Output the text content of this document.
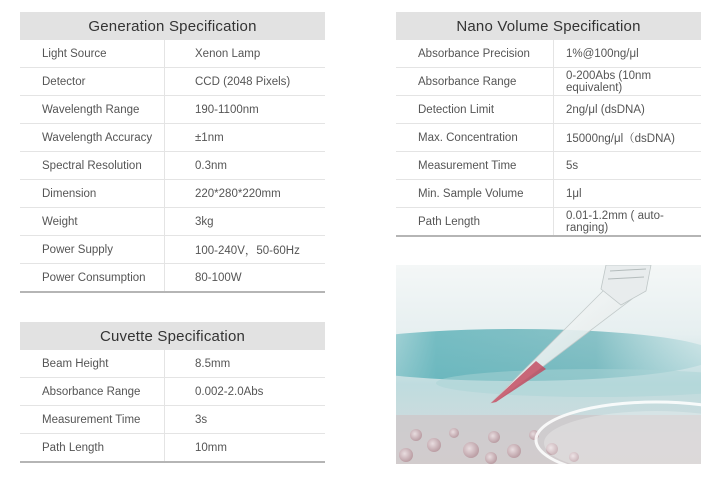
Generation Specification
Light Source	Xenon Lamp
Detector	CCD (2048 Pixels)
Wavelength Range	190-1100nm
Wavelength Accuracy	±1nm
Spectral Resolution	0.3nm
Dimension	220*280*220mm
Weight	3kg
Power Supply	100-240V，50-60Hz
Power Consumption	80-100W
Cuvette Specification
Beam Height	8.5mm
Absorbance Range	0.002-2.0Abs
Measurement Time	3s
Path Length	10mm
Nano Volume Specification
Absorbance Precision	1%@100ng/μl
Absorbance Range	0-200Abs (10nm equivalent)
Detection Limit	2ng/μl (dsDNA)
Max. Concentration	15000ng/μl（dsDNA)
Measurement Time	5s
Min. Sample Volume	1μl
Path Length	0.01-1.2mm ( auto-ranging)
